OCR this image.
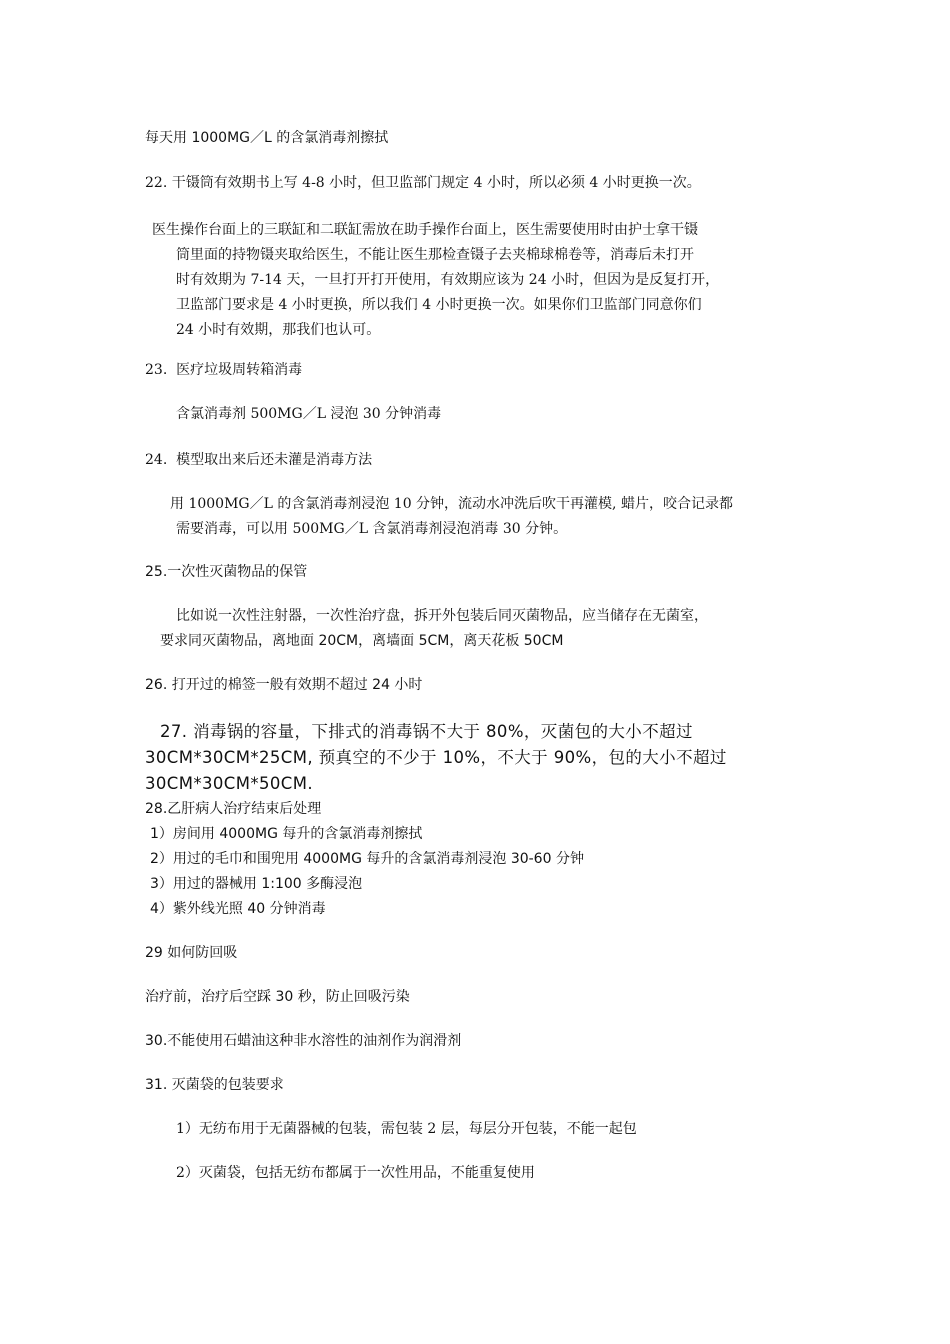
每天用 1000MG／L 的含氯消毒剂擦拭

22. 干镊筒有效期书上写 4-8 小时，但卫监部门规定 4 小时，所以必须 4 小时更换一次。

医生操作台面上的三联缸和二联缸需放在助手操作台面上，医生需要使用时由护士拿干镊

筒里面的持物镊夹取给医生，不能让医生那检查镊子去夹棉球棉卷等，消毒后未打开

时有效期为 7-14 天，一旦打开打开使用，有效期应该为 24 小时，但因为是反复打开，

卫监部门要求是 4 小时更换，所以我们 4 小时更换一次。如果你们卫监部门同意你们

24 小时有效期，那我们也认可。

23.  医疗垃圾周转箱消毒

含氯消毒剂 500MG／L 浸泡 30 分钟消毒

24.  模型取出来后还未灌是消毒方法

用 1000MG／L 的含氯消毒剂浸泡 10 分钟，流动水冲洗后吹干再灌模, 蜡片，咬合记录都

需要消毒，可以用 500MG／L 含氯消毒剂浸泡消毒 30 分钟。

25.一次性灭菌物品的保管

比如说一次性注射器，一次性治疗盘，拆开外包装后同灭菌物品，应当储存在无菌室，

要求同灭菌物品，离地面 20CM，离墙面 5CM，离天花板 50CM

26. 打开过的棉签一般有效期不超过 24 小时

27. 消毒锅的容量，下排式的消毒锅不大于 80%，灭菌包的大小不超过

30CM*30CM*25CM, 预真空的不少于 10%，不大于 90%，包的大小不超过

30CM*30CM*50CM.

28.乙肝病人治疗结束后处理

1）房间用 4000MG 每升的含氯消毒剂擦拭

2）用过的毛巾和围兜用 4000MG 每升的含氯消毒剂浸泡 30-60 分钟

3）用过的器械用 1:100 多酶浸泡

4）紫外线光照 40 分钟消毒

29 如何防回吸

治疗前，治疗后空踩 30 秒，防止回吸污染

30.不能使用石蜡油这种非水溶性的油剂作为润滑剂

31. 灭菌袋的包装要求

1）无纺布用于无菌器械的包装，需包装 2 层，每层分开包装，不能一起包

2）灭菌袋，包括无纺布都属于一次性用品，不能重复使用
